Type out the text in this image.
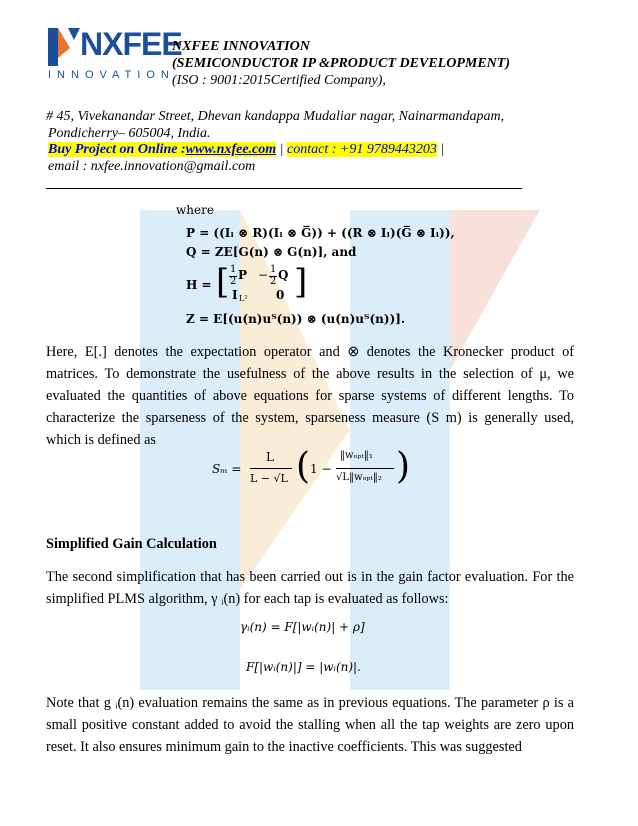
NXFEE
INNOVATION
NXFEE INNOVATION
(SEMICONDUCTOR IP &PRODUCT DEVELOPMENT)
(ISO : 9001:2015Certified Company),
# 45, Vivekanandar Street, Dhevan kandappa Mudaliar nagar, Nainarmandapam,
Pondicherry– 605004, India.
Buy Project on Online :www.nxfee.com | contact : +91 9789443203 |
email : nxfee.innovation@gmail.com
where
P = ((Iₗ ⊗ R)(Iₗ ⊗ G̅)) + ((R ⊗ Iₗ)(G̅ ⊗ Iₗ)),
Q = ZE[G(n) ⊗ G(n)], and
H = [ 1
2 P − 1
2 Q
I L² 0 ]
Z = E[(u(n)uᵀ(n)) ⊗ (u(n)uᵀ(n))].
Here, E[.] denotes the expectation operator and ⊗ denotes the Kronecker product of matrices. To demonstrate the usefulness of the above results in the selection of μ, we evaluated the quantities of above equations for sparse systems of different lengths. To characterize the sparseness of the system, sparseness measure (S m) is generally used, which is defined as
Sₘ =
L
L − √L ( 1 −
‖wₒₚₜ‖₁
√L‖wₒₚₜ‖₂ )
Simplified Gain Calculation
The second simplification that has been carried out is in the gain factor evaluation. For the simplified PLMS algorithm, γ ᵢ(n) for each tap is evaluated as follows:
γᵢ(n) = F[|wᵢ(n)| + ρ]
F[|wᵢ(n)|] = |wᵢ(n)|.
Note that g ᵢ(n) evaluation remains the same as in previous equations. The parameter ρ is a small positive constant added to avoid the stalling when all the tap weights are zero upon reset. It also ensures minimum gain to the inactive coefficients. This was suggested
